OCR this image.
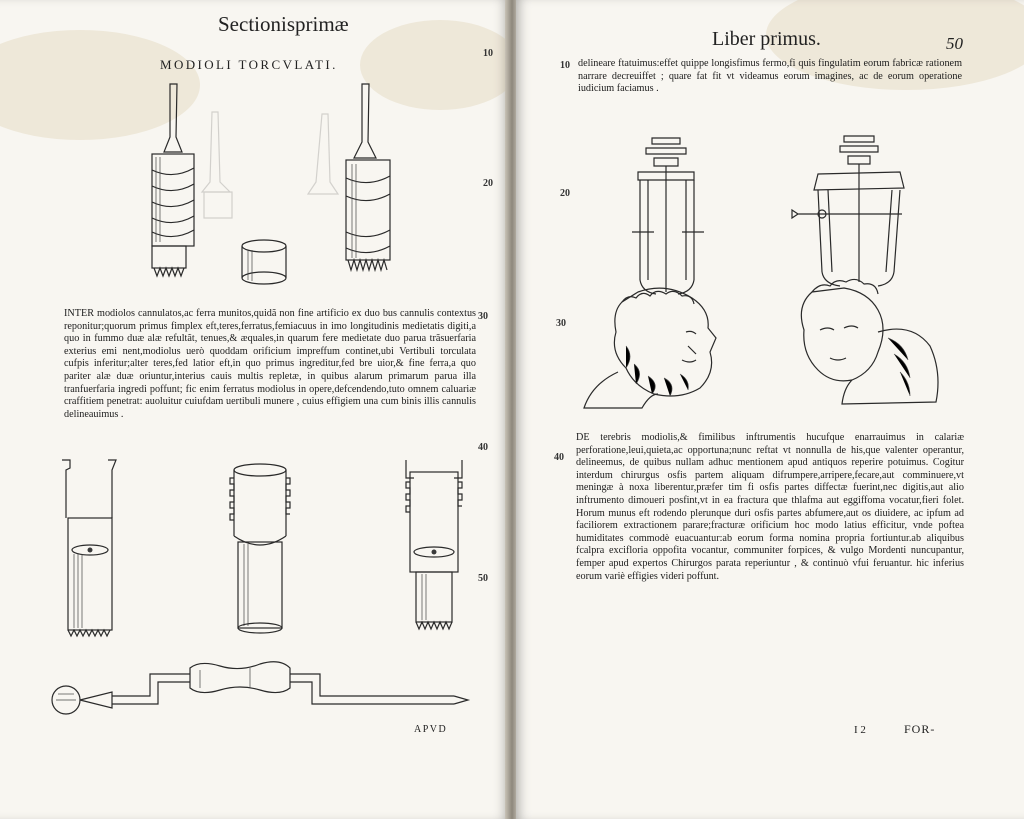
Sectionisprimæ
MODIOLI TORCVLATI.
10
20
30
40
50

INTER modiolos cannulatos,ac ferra munitos,quidã non fine artificio ex duo bus cannulis contextus reponitur;quorum primus fimplex eft,teres,ferratus,femiacuus in imo longitudinis medietatis digiti,a quo in fummo duæ alæ refultãt, tenues,& æquales,in quarum fere medietate duo parua trãsuerfaria exterius emi nent,modiolus uerò quoddam orificium impreffum continet,ubi Vertibuli torculata cufpis inferitur;alter teres,fed latior eft,in quo primus ingreditur,fed bre uior,& fine ferra,a quo pariter alæ duæ oriuntur,interius cauis multis repletæ, in quibus alarum primarum parua illa tranfuerfaria ingredi poffunt; fic enim ferratus modiolus in opere,defcendendo,tuto omnem caluariæ craffitiem penetrat: auoluitur cuiufdam uertibuli munere , cuius effigiem una cum binis illis cannulis delineauimus .

APVD
Liber primus.	50
10 delineare ftatuimus:effet quippe longisfimus fermo,fi quis fingulatim eorum fabricæ rationem narrare decreuiffet ; quare fat fit vt videamus eorum imagines, ac de eorum operatione iudicium faciamus .

20
30
40

DE terebris modiolis,& fimilibus inftrumentis hucufque enarrauimus in calariæ perforatione,leui,quieta,ac opportuna;nunc reftat vt nonnulla de his,que valenter operantur, delineemus, de quibus nullam adhuc mentionem apud antiquos reperire potuimus. Cogitur interdum chirurgus osfis partem aliquam difrumpere,arripere,fecare,aut comminuere,vt meningæ à noxa liberentur,præfer tim fi osfis partes diffectæ fuerint,nec digitis,aut alio inftrumento dimoueri posfint,vt in ea fractura que thlafma aut eggiffoma vocatur,fieri folet. Horum munus eft rodendo plerunque duri osfis partes abfumere,aut os diuidere, ac ipfum ad faciliorem extractionem parare;fracturæ orificium hoc modo latius efficitur, vnde poftea humiditates commodè euacuantur:ab eorum forma nomina propria fortiuntur.ab aliquibus fcalpra excifloria oppofita vocantur, communiter forpices, & vulgo Mordenti nuncupantur, femper apud expertos Chirurgos parata reperiuntur , & continuò vfui feruantur. hic inferius eorum variè effigies videri poffunt.

I 2	FOR-
